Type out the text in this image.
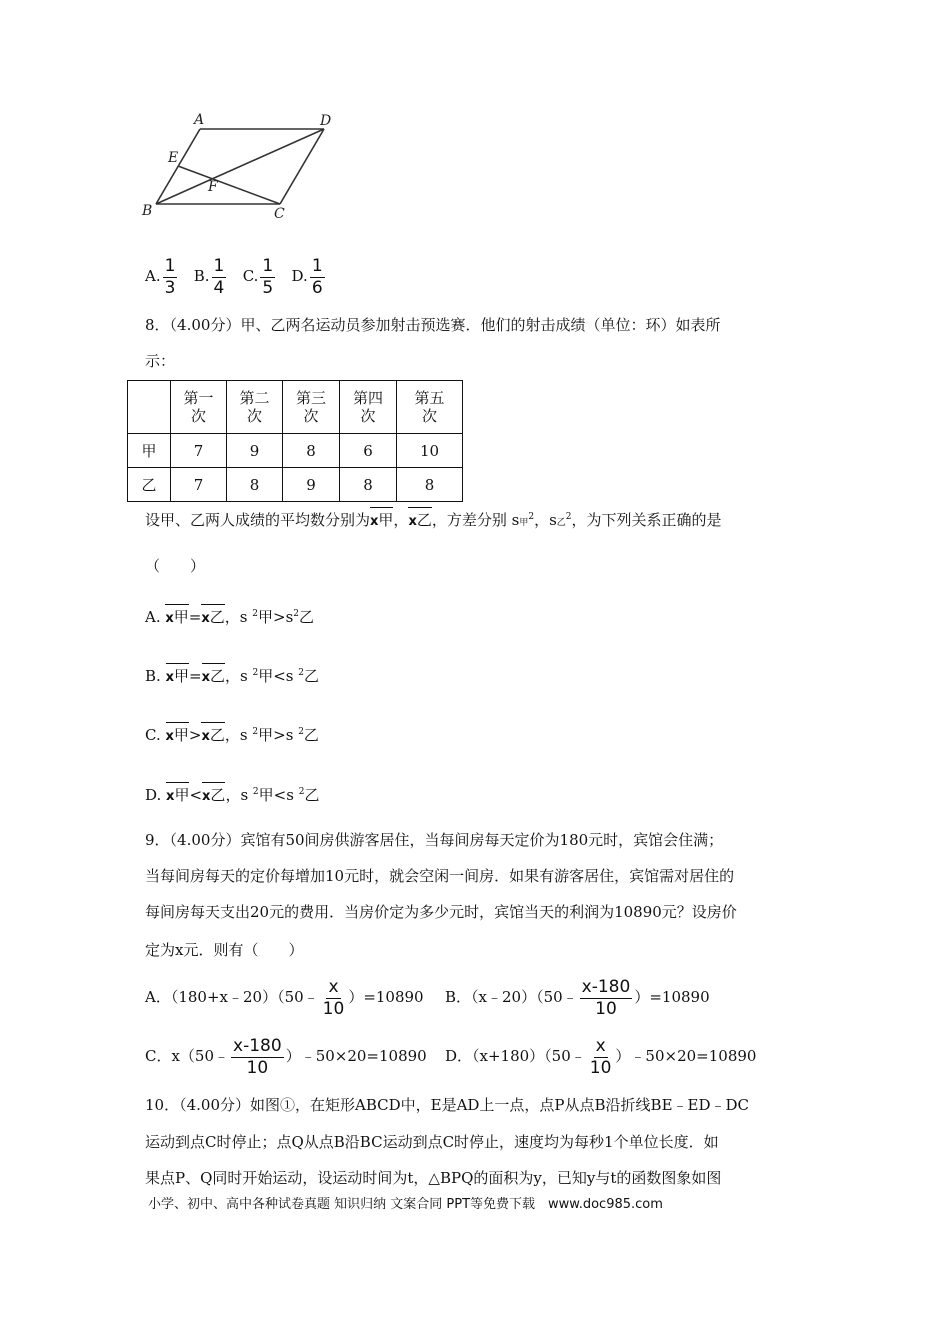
A	D
E
F
B	C
A. $\frac{1}{3} B$. $\frac{1}{4} C$. $\frac{1}{5} D$. $\frac{1}{6}$
8．（4.00分）甲、乙两名运动员参加射击预选赛．他们的射击成绩（单位：环）如表所
示：

	第一次	第二次	第三次	第四次	第五次

甲	7	9	8	6	10
乙	7	8	9	8	8
设甲、乙两人成绩的平均数分别为x甲，x乙，方差分别 s甲$^2$，s乙$^2$，为下列关系正确的是
（　　）
A. x甲=x乙，s $^2$甲$>s^2$乙
B. x甲=x乙，s $^2$甲<s $^2$乙
C. x甲>x乙，s $^2$甲>s $^2$乙
D. x甲<x乙，s $^2$甲<s $^2$乙
9．（4.00分）宾馆有50间房供游客居住，当每间房每天定价为180元时，宾馆会住满；
当每间房每天的定价每增加10元时，就会空闲一间房．如果有游客居住，宾馆需对居住的
每间房每天支出20元的费用．当房价定为多少元时，宾馆当天的利润为10890元？设房价
定为x元．则有（　　）
A．（180+x﹣20）（50﹣ $\frac{x}{10} )=10890$ B．（x﹣20）（50﹣ $\frac{x-180}{10} )=10890$
C．x（50﹣ $\frac{x-180}{10}$ ）﹣50×20=10890 D．（x+180）（50﹣ $\frac{x}{10}$ ）﹣50×20=10890
10．（4.00分）如图①，在矩形ABCD中，E是AD上一点，点P从点B沿折线BE﹣ED﹣DC
运动到点C时停止；点Q从点B沿BC运动到点C时停止，速度均为每秒1个单位长度．如
果点P、Q同时开始运动，设运动时间为t，△BPQ的面积为y，已知y与t的函数图象如图
小学、初中、高中各种试卷真题 知识归纳 文案合同 PPT等免费下载　www.doc985.com
